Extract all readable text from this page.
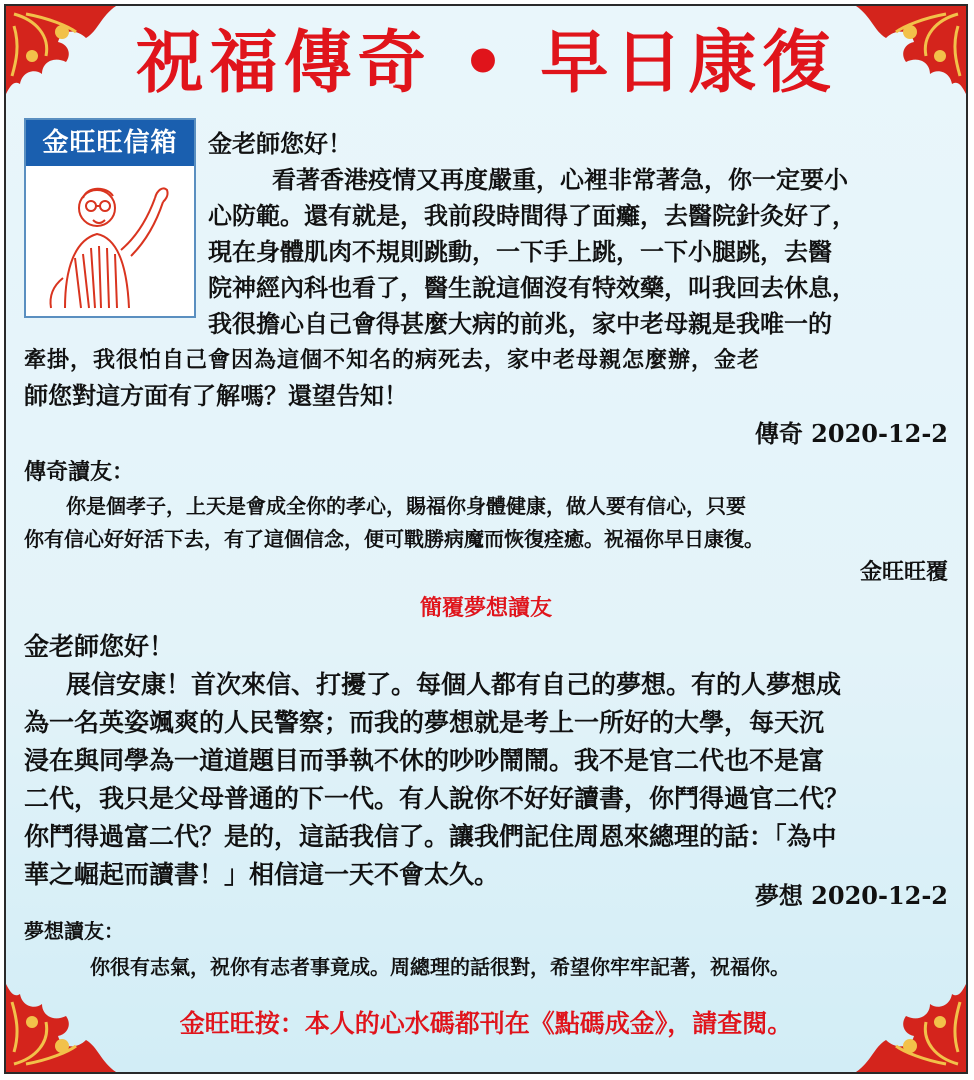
祝福傳奇 • 早日康復
金旺旺信箱	金老師您好！
看著香港疫情又再度嚴重，心裡非常著急，你一定要小
心防範。還有就是，我前段時間得了面癱，去醫院針灸好了，
現在身體肌肉不規則跳動，一下手上跳，一下小腿跳，去醫
院神經內科也看了，醫生說這個沒有特效藥，叫我回去休息，
我很擔心自己會得甚麼大病的前兆，家中老母親是我唯一的
牽掛，我很怕自己會因為這個不知名的病死去，家中老母親怎麼辦，金老
師您對這方面有了解嗎？還望告知！
傳奇 2020-12-2
傳奇讀友：
你是個孝子，上天是會成全你的孝心，賜福你身體健康，做人要有信心，只要
你有信心好好活下去，有了這個信念，便可戰勝病魔而恢復痊癒。祝福你早日康復。
金旺旺覆
簡覆夢想讀友
金老師您好！
展信安康！首次來信、打擾了。每個人都有自己的夢想。有的人夢想成
為一名英姿颯爽的人民警察；而我的夢想就是考上一所好的大學，每天沉
浸在與同學為一道道題目而爭執不休的吵吵鬧鬧。我不是官二代也不是富
二代，我只是父母普通的下一代。有人說你不好好讀書，你鬥得過官二代？
你鬥得過富二代？是的，這話我信了。讓我們記住周恩來總理的話：「為中
華之崛起而讀書！」相信這一天不會太久。
夢想 2020-12-2
夢想讀友：
你很有志氣，祝你有志者事竟成。周總理的話很對，希望你牢牢記著，祝福你。
金旺旺按：本人的心水碼都刊在《點碼成金》，請查閱。
